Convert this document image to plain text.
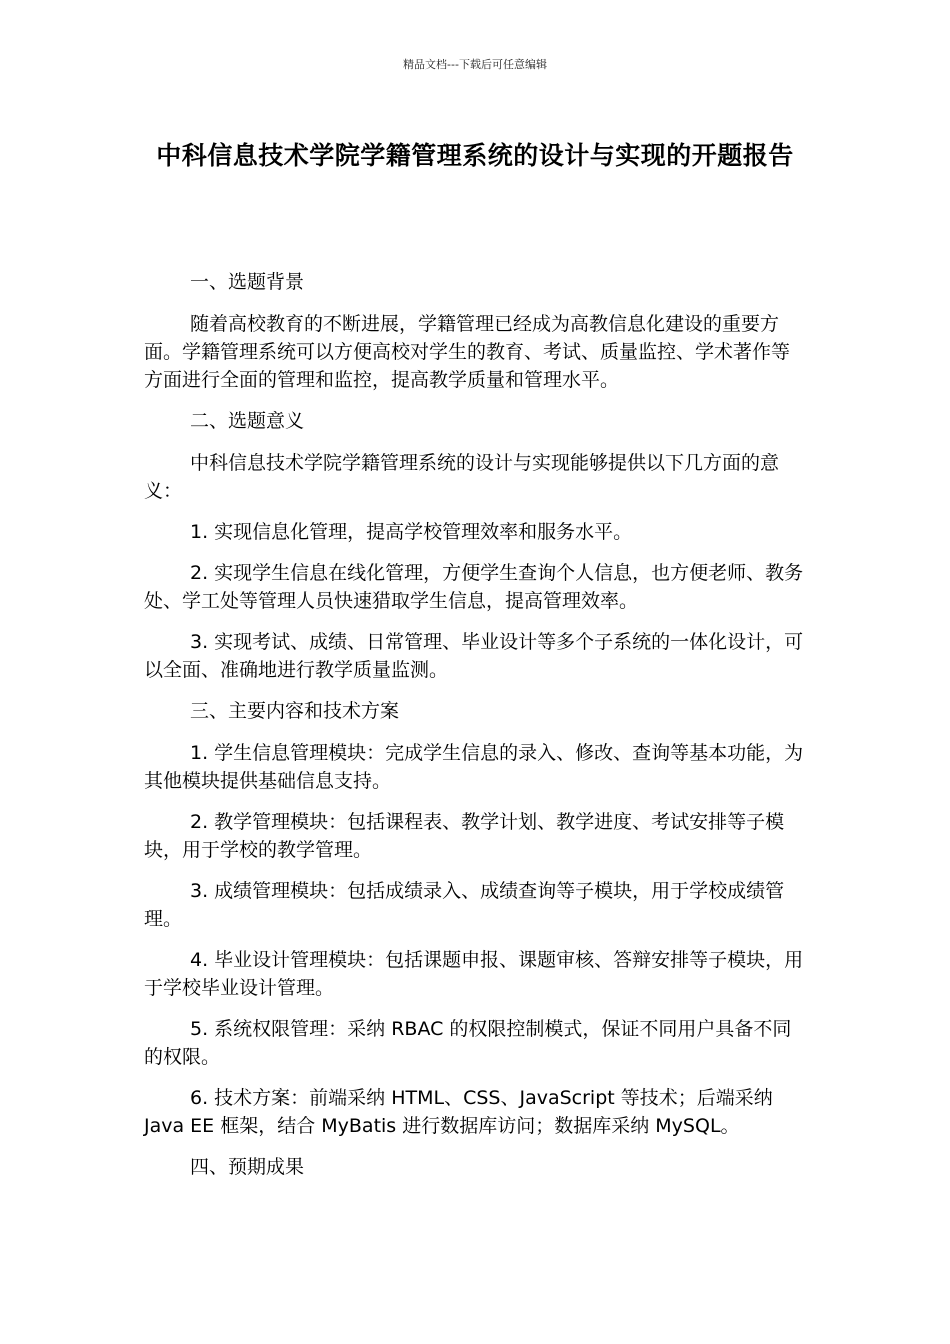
精品文档---下载后可任意编辑
中科信息技术学院学籍管理系统的设计与实现的开题报告

一、选题背景

随着高校教育的不断进展，学籍管理已经成为高教信息化建设的重要方面。学籍管理系统可以方便高校对学生的教育、考试、质量监控、学术著作等方面进行全面的管理和监控，提高教学质量和管理水平。

二、选题意义

中科信息技术学院学籍管理系统的设计与实现能够提供以下几方面的意义：

1. 实现信息化管理，提高学校管理效率和服务水平。

2. 实现学生信息在线化管理，方便学生查询个人信息，也方便老师、教务处、学工处等管理人员快速猎取学生信息，提高管理效率。

3. 实现考试、成绩、日常管理、毕业设计等多个子系统的一体化设计，可以全面、准确地进行教学质量监测。

三、主要内容和技术方案

1. 学生信息管理模块：完成学生信息的录入、修改、查询等基本功能，为其他模块提供基础信息支持。

2. 教学管理模块：包括课程表、教学计划、教学进度、考试安排等子模块，用于学校的教学管理。

3. 成绩管理模块：包括成绩录入、成绩查询等子模块，用于学校成绩管理。

4. 毕业设计管理模块：包括课题申报、课题审核、答辩安排等子模块，用于学校毕业设计管理。

5. 系统权限管理：采纳 RBAC 的权限控制模式，保证不同用户具备不同的权限。

6. 技术方案：前端采纳 HTML、CSS、JavaScript 等技术；后端采纳 Java EE 框架，结合 MyBatis 进行数据库访问；数据库采纳 MySQL。

四、预期成果
